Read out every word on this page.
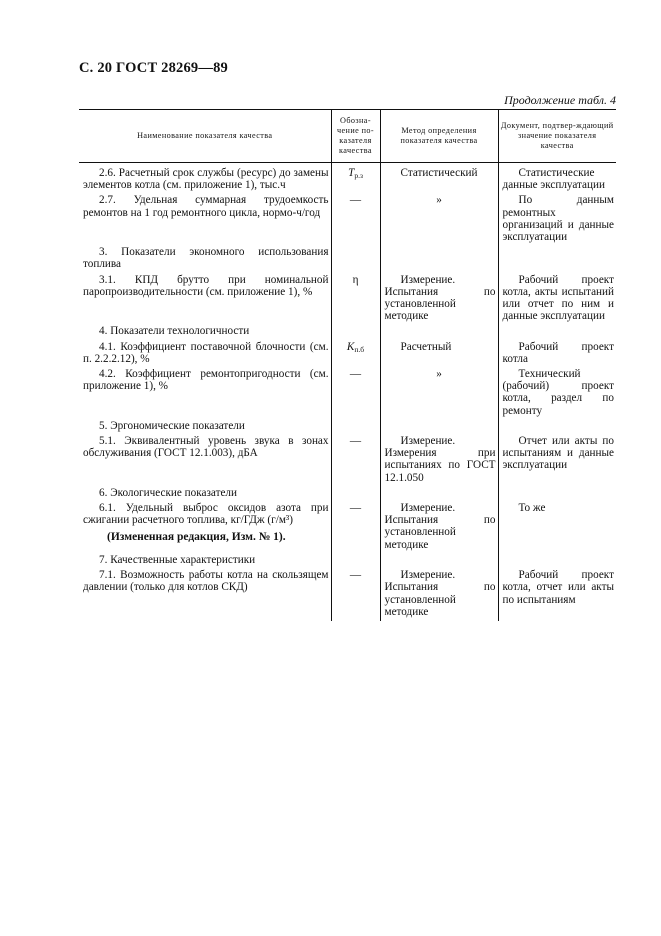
С. 20 ГОСТ 28269—89
Продолжение табл. 4
Наименование показателя качества	Обозна-чение по-казателя качества	Метод определения показателя качества	Документ, подтвер-ждающий значение показателя качества
2.6. Расчетный срок службы (ресурс) до замены элементов котла (см. приложение 1), тыс.ч	$T_{р.з}$	Статистический	Статистические данные эксплуатации
2.7. Удельная суммарная трудоемкость ремонтов на 1 год ремонтного цикла, нормо-ч/год	—	»	По данным ремонтных организаций и данные эксплуатации
3. Показатели экономного использования топлива			
3.1. КПД брутто при номинальной паропроизводительности (см. приложение 1), %	η	Измерение. Испытания по установленной методике	Рабочий проект котла, акты испытаний или отчет по ним и данные эксплуатации
4. Показатели технологичности			
4.1. Коэффициент поставочной блочности (см. п. 2.2.2.12), %	$K_{п.б}$	Расчетный	Рабочий проект котла
4.2. Коэффициент ремонтопригодности (см. приложение 1), %	—	»	Технический (рабочий) проект котла, раздел по ремонту
5. Эргономические показатели			
5.1. Эквивалентный уровень звука в зонах обслуживания (ГОСТ 12.1.003), дБА	—	Измерение. Измерения при испытаниях по ГОСТ 12.1.050	Отчет или акты по испытаниям и данные эксплуатации
6. Экологические показатели			
6.1. Удельный выброс оксидов азота при сжигании расчетного топлива, кг/ГДж (г/м³)	—	Измерение. Испытания по установленной методике	То же
7. Качественные характеристики			
7.1. Возможность работы котла на скользящем давлении (только для котлов СКД)	—	Измерение. Испытания по установленной методике	Рабочий проект котла, отчет или акты по испытаниям
(Измененная редакция, Изм. № 1).
